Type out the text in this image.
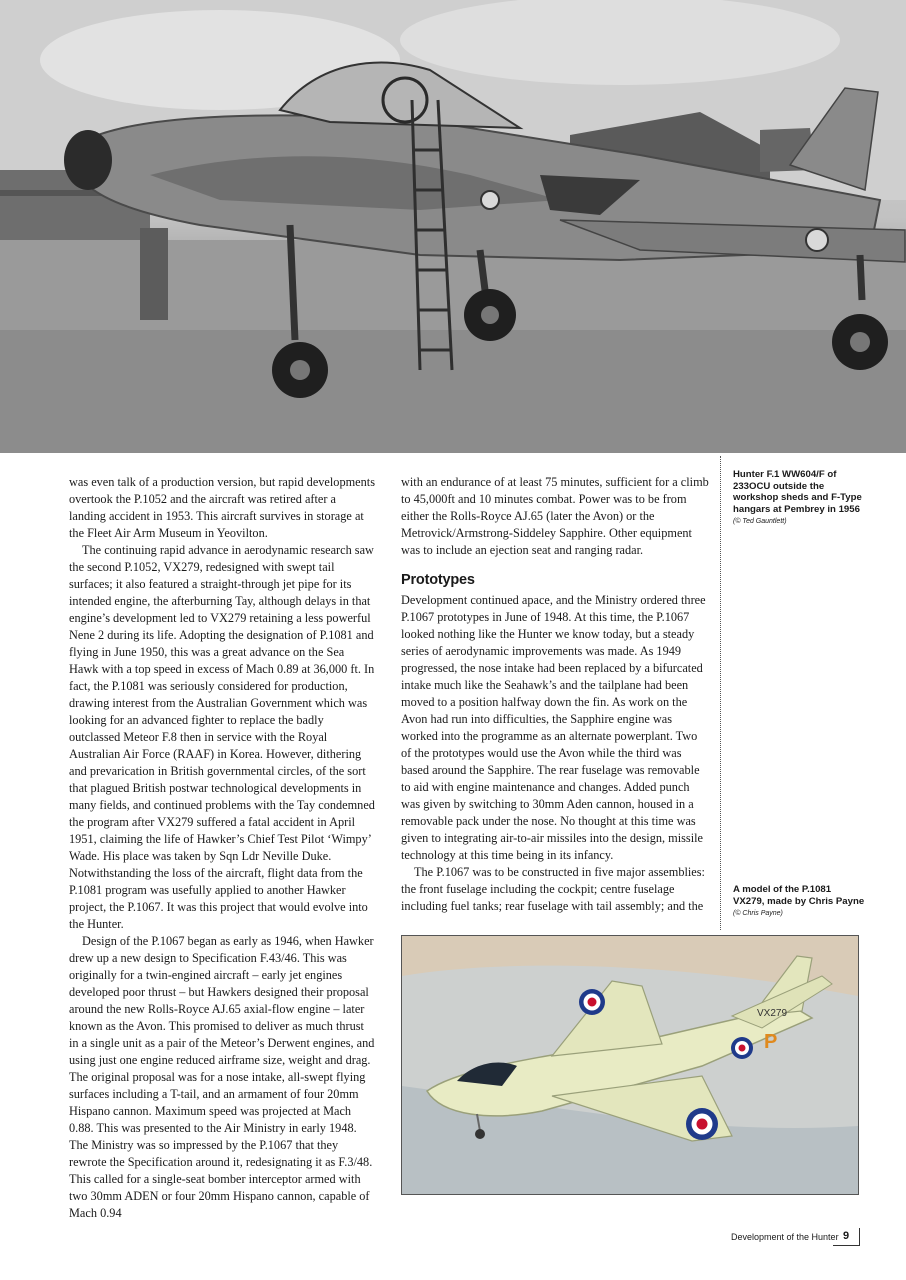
was even talk of a production version, but rapid developments overtook the P.1052 and the aircraft was retired after a landing accident in 1953. This aircraft survives in storage at the Fleet Air Arm Museum in Yeovilton.

The continuing rapid advance in aerodynamic research saw the second P.1052, VX279, redesigned with swept tail surfaces; it also featured a straight-through jet pipe for its intended engine, the afterburning Tay, although delays in that engine’s development led to VX279 retaining a less powerful Nene 2 during its life. Adopting the designation of P.1081 and flying in June 1950, this was a great advance on the Sea Hawk with a top speed in excess of Mach 0.89 at 36,000 ft. In fact, the P.1081 was seriously considered for production, drawing interest from the Australian Government which was looking for an advanced fighter to replace the badly outclassed Meteor F.8 then in service with the Royal Australian Air Force (RAAF) in Korea. However, dithering and prevarication in British governmental circles, of the sort that plagued British postwar technological developments in many fields, and continued problems with the Tay condemned the program after VX279 suffered a fatal accident in April 1951, claiming the life of Hawker’s Chief Test Pilot ‘Wimpy’ Wade. His place was taken by Sqn Ldr Neville Duke. Notwithstanding the loss of the aircraft, flight data from the P.1081 program was usefully applied to another Hawker project, the P.1067. It was this project that would evolve into the Hunter.

Design of the P.1067 began as early as 1946, when Hawker drew up a new design to Specification F.43/46. This was originally for a twin-engined aircraft – early jet engines developed poor thrust – but Hawkers designed their proposal around the new Rolls-Royce AJ.65 axial-flow engine – later known as the Avon. This promised to deliver as much thrust in a single unit as a pair of the Meteor’s Derwent engines, and using just one engine reduced airframe size, weight and drag. The original proposal was for a nose intake, all-swept flying surfaces including a T-tail, and an armament of four 20mm Hispano cannon. Maximum speed was projected at Mach 0.88. This was presented to the Air Ministry in early 1948. The Ministry was so impressed by the P.1067 that they rewrote the Specification around it, redesignating it as F.3/48. This called for a single-seat bomber interceptor armed with two 30mm ADEN or four 20mm Hispano cannon, capable of Mach 0.94

with an endurance of at least 75 minutes, sufficient for a climb to 45,000ft and 10 minutes combat. Power was to be from either the Rolls-Royce AJ.65 (later the Avon) or the Metrovick/Armstrong-Siddeley Sapphire. Other equipment was to include an ejection seat and ranging radar.

Prototypes

Development continued apace, and the Ministry ordered three P.1067 prototypes in June of 1948. At this time, the P.1067 looked nothing like the Hunter we know today, but a steady series of aerodynamic improvements was made. As 1949 progressed, the nose intake had been replaced by a bifurcated intake much like the Seahawk’s and the tailplane had been moved to a position halfway down the fin. As work on the Avon had run into difficulties, the Sapphire engine was worked into the programme as an alternate powerplant. Two of the prototypes would use the Avon while the third was based around the Sapphire. The rear fuselage was removable to aid with engine maintenance and changes. Added punch was given by switching to 30mm Aden cannon, housed in a removable pack under the nose. No thought at this time was given to integrating air-to-air missiles into the design, missile technology at this time being in its infancy.

The P.1067 was to be constructed in five major assemblies: the front fuselage including the cockpit; centre fuselage including fuel tanks; rear fuselage with tail assembly; and the

Hunter F.1 WW604/F of 233OCU outside the workshop sheds and F-Type hangars at Pembrey in 1956 (© Ted Gauntlett)
A model of the P.1081 VX279, made by Chris Payne
(© Chris Payne)
VX279
P
Development of the Hunter 9
